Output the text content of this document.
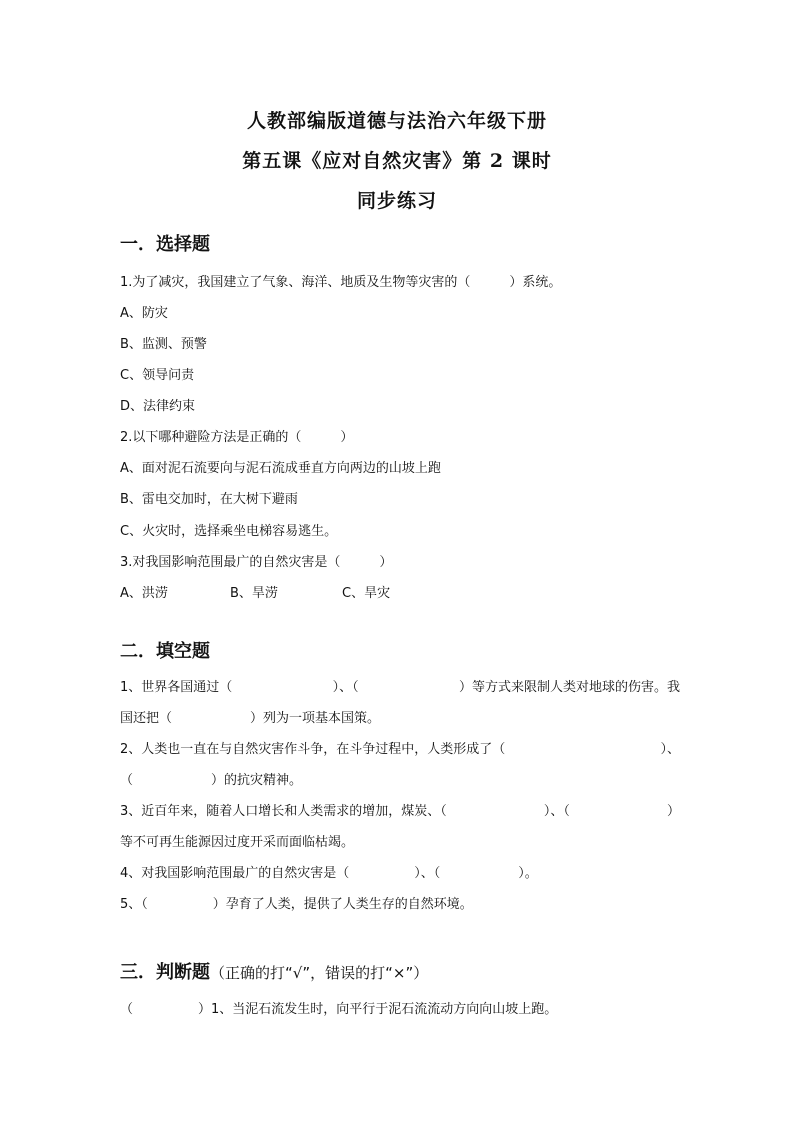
人教部编版道德与法治六年级下册
第五课《应对自然灾害》第 2 课时
同步练习
一．选择题
1.为了减灾，我国建立了气象、海洋、地质及生物等灾害的（　　　）系统。
A、防灾
B、监测、预警
C、领导问责
D、法律约束
2.以下哪种避险方法是正确的（　　　）
A、面对泥石流要向与泥石流成垂直方向两边的山坡上跑
B、雷电交加时，在大树下避雨
C、火灾时，选择乘坐电梯容易逃生。
3.对我国影响范围最广的自然灾害是（　　　）
A、洪涝	B、旱涝	C、旱灾
二．填空题
1、世界各国通过（	）、（	）等方式来限制人类对地球的伤害。我
国还把（　　　　　　）列为一项基本国策。
2、人类也一直在与自然灾害作斗争，在斗争过程中，人类形成了（	）、
（　　　　　　）的抗灾精神。
3、近百年来，随着人口增长和人类需求的增加，煤炭、（	）、（	）
等不可再生能源因过度开采而面临枯竭。
4、对我国影响范围最广的自然灾害是（　　　　　）、（　　　　　　）。
5、（　　　　　）孕育了人类，提供了人类生存的自然环境。
三．判断题（正确的打“√”，错误的打“×”）
（　　　　　）1、当泥石流发生时，向平行于泥石流流动方向向山坡上跑。
